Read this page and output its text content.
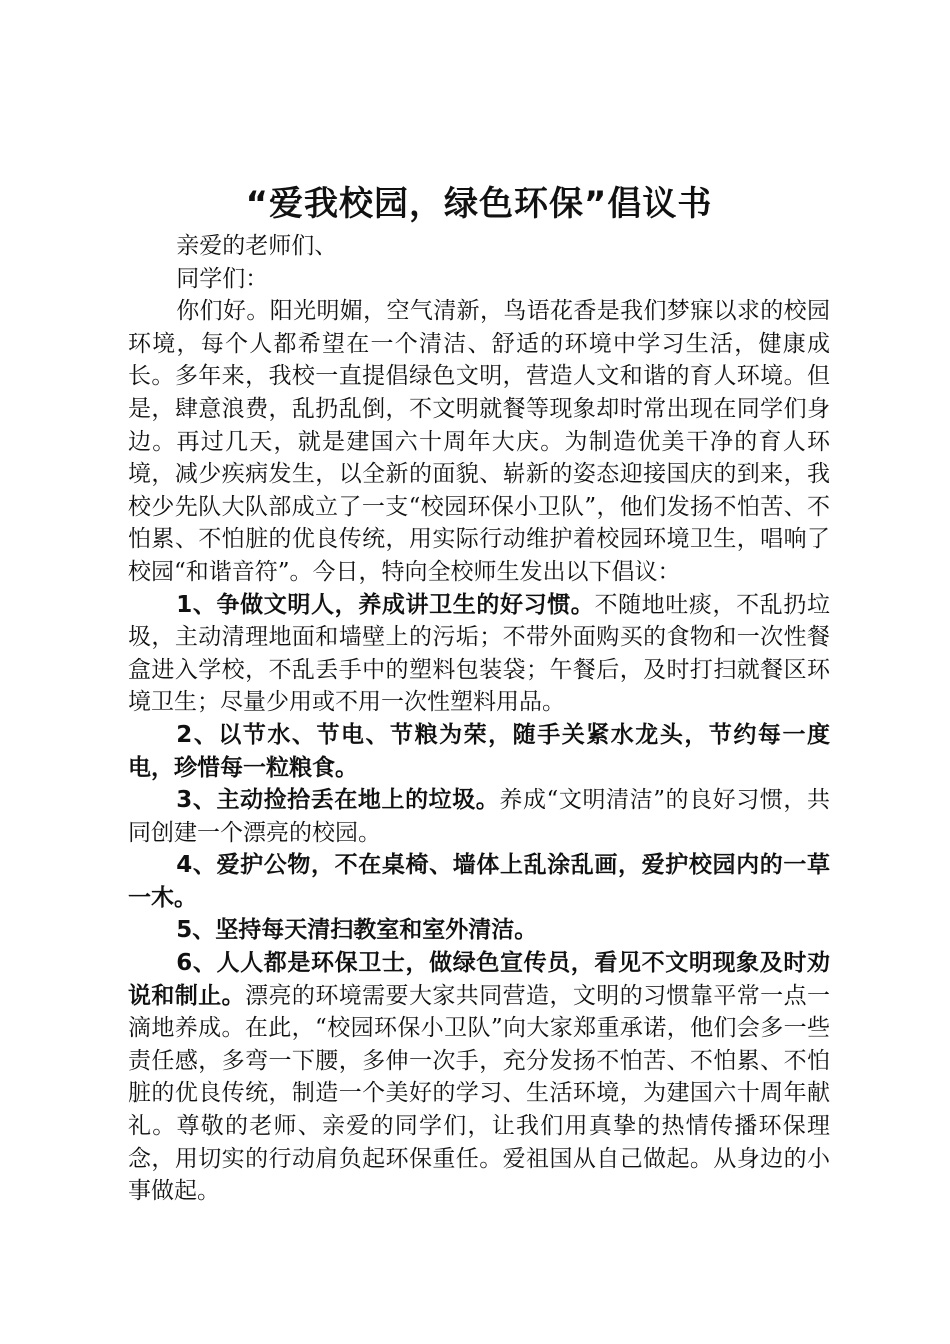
“爱我校园，绿色环保”倡议书

亲爱的老师们、

同学们：

你们好。阳光明媚，空气清新，鸟语花香是我们梦寐以求的校园环境，每个人都希望在一个清洁、舒适的环境中学习生活，健康成长。多年来，我校一直提倡绿色文明，营造人文和谐的育人环境。但是，肆意浪费，乱扔乱倒，不文明就餐等现象却时常出现在同学们身边。再过几天，就是建国六十周年大庆。为制造优美干净的育人环境，减少疾病发生，以全新的面貌、崭新的姿态迎接国庆的到来，我校少先队大队部成立了一支“校园环保小卫队”，他们发扬不怕苦、不怕累、不怕脏的优良传统，用实际行动维护着校园环境卫生，唱响了校园“和谐音符”。今日，特向全校师生发出以下倡议：

1、争做文明人，养成讲卫生的好习惯。不随地吐痰，不乱扔垃圾，主动清理地面和墙壁上的污垢；不带外面购买的食物和一次性餐盒进入学校，不乱丢手中的塑料包装袋；午餐后，及时打扫就餐区环境卫生；尽量少用或不用一次性塑料用品。

2、以节水、节电、节粮为荣，随手关紧水龙头，节约每一度电，珍惜每一粒粮食。

3、主动捡拾丢在地上的垃圾。养成“文明清洁”的良好习惯，共同创建一个漂亮的校园。

4、爱护公物，不在桌椅、墙体上乱涂乱画，爱护校园内的一草一木。

5、坚持每天清扫教室和室外清洁。

6、人人都是环保卫士，做绿色宣传员，看见不文明现象及时劝说和制止。漂亮的环境需要大家共同营造，文明的习惯靠平常一点一滴地养成。在此，“校园环保小卫队”向大家郑重承诺，他们会多一些责任感，多弯一下腰，多伸一次手，充分发扬不怕苦、不怕累、不怕脏的优良传统，制造一个美好的学习、生活环境，为建国六十周年献礼。尊敬的老师、亲爱的同学们，让我们用真挚的热情传播环保理念，用切实的行动肩负起环保重任。爱祖国从自己做起。从身边的小事做起。
